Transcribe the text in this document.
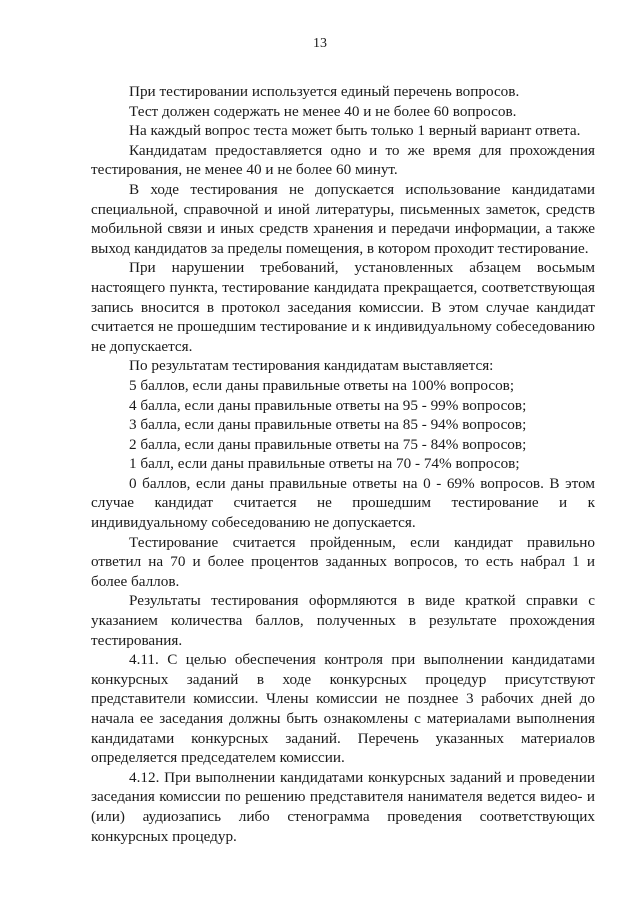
13

При тестировании используется единый перечень вопросов.

Тест должен содержать не менее 40 и не более 60 вопросов.

На каждый вопрос теста может быть только 1 верный вариант ответа.

Кандидатам предоставляется одно и то же время для прохождения тестирования, не менее 40 и не более 60 минут.

В ходе тестирования не допускается использование кандидатами специальной, справочной и иной литературы, письменных заметок, средств мобильной связи и иных средств хранения и передачи информации, а также выход кандидатов за пределы помещения, в котором проходит тестирование.

При нарушении требований, установленных абзацем восьмым настоящего пункта, тестирование кандидата прекращается, соответствующая запись вносится в протокол заседания комиссии. В этом случае кандидат считается не прошедшим тестирование и к индивидуальному собеседованию не допускается.

По результатам тестирования кандидатам выставляется:

5 баллов, если даны правильные ответы на 100% вопросов;

4 балла, если даны правильные ответы на 95 - 99% вопросов;

3 балла, если даны правильные ответы на 85 - 94% вопросов;

2 балла, если даны правильные ответы на 75 - 84% вопросов;

1 балл, если даны правильные ответы на 70 - 74% вопросов;

0 баллов, если даны правильные ответы на 0 - 69% вопросов. В этом случае кандидат считается не прошедшим тестирование и к индивидуальному собеседованию не допускается.

Тестирование считается пройденным, если кандидат правильно ответил на 70 и более процентов заданных вопросов, то есть набрал 1 и более баллов.

Результаты тестирования оформляются в виде краткой справки с указанием количества баллов, полученных в результате прохождения тестирования.

4.11. С целью обеспечения контроля при выполнении кандидатами конкурсных заданий в ходе конкурсных процедур присутствуют представители комиссии. Члены комиссии не позднее 3 рабочих дней до начала ее заседания должны быть ознакомлены с материалами выполнения кандидатами конкурсных заданий. Перечень указанных материалов определяется председателем комиссии.

4.12. При выполнении кандидатами конкурсных заданий и проведении заседания комиссии по решению представителя нанимателя ведется видео- и (или) аудиозапись либо стенограмма проведения соответствующих конкурсных процедур.
